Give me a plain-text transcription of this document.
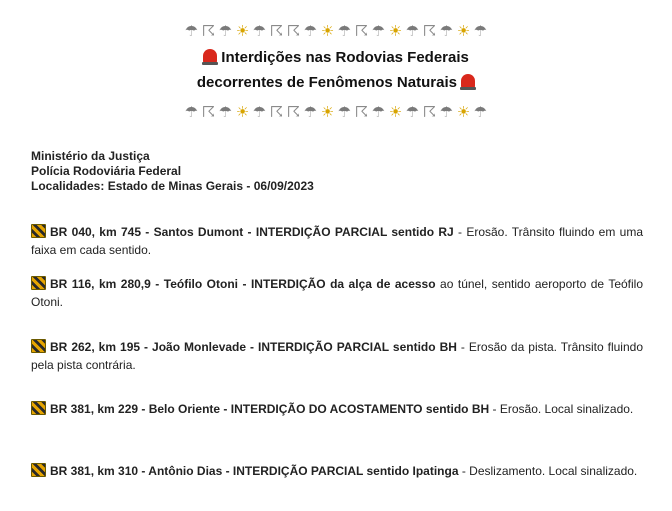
☂ ☈ ☂ ☀ ☂ ☈ ☈ ☂ ☀ ☂ ☈ ☂ ☀ ☂ ☈ ☂ ☀ ☂
Interdições nas Rodovias Federais
decorrentes de Fenômenos Naturais
☂ ☈ ☂ ☀ ☂ ☈ ☈ ☂ ☀ ☂ ☈ ☂ ☀ ☂ ☈ ☂ ☀ ☂
Ministério da Justiça
Polícia Rodoviária Federal
Localidades: Estado de Minas Gerais - 06/09/2023
BR 040, km 745 - Santos Dumont - INTERDIÇÃO PARCIAL sentido RJ - Erosão. Trânsito fluindo em uma faixa em cada sentido.
BR 116, km 280,9 - Teófilo Otoni - INTERDIÇÃO da alça de acesso ao túnel, sentido aeroporto de Teófilo Otoni.
BR 262, km 195 - João Monlevade - INTERDIÇÃO PARCIAL sentido BH - Erosão da pista. Trânsito fluindo pela pista contrária.
BR 381, km 229 - Belo Oriente - INTERDIÇÃO DO ACOSTAMENTO sentido BH - Erosão. Local sinalizado.
BR 381, km 310 - Antônio Dias - INTERDIÇÃO PARCIAL sentido Ipatinga - Deslizamento. Local sinalizado.
